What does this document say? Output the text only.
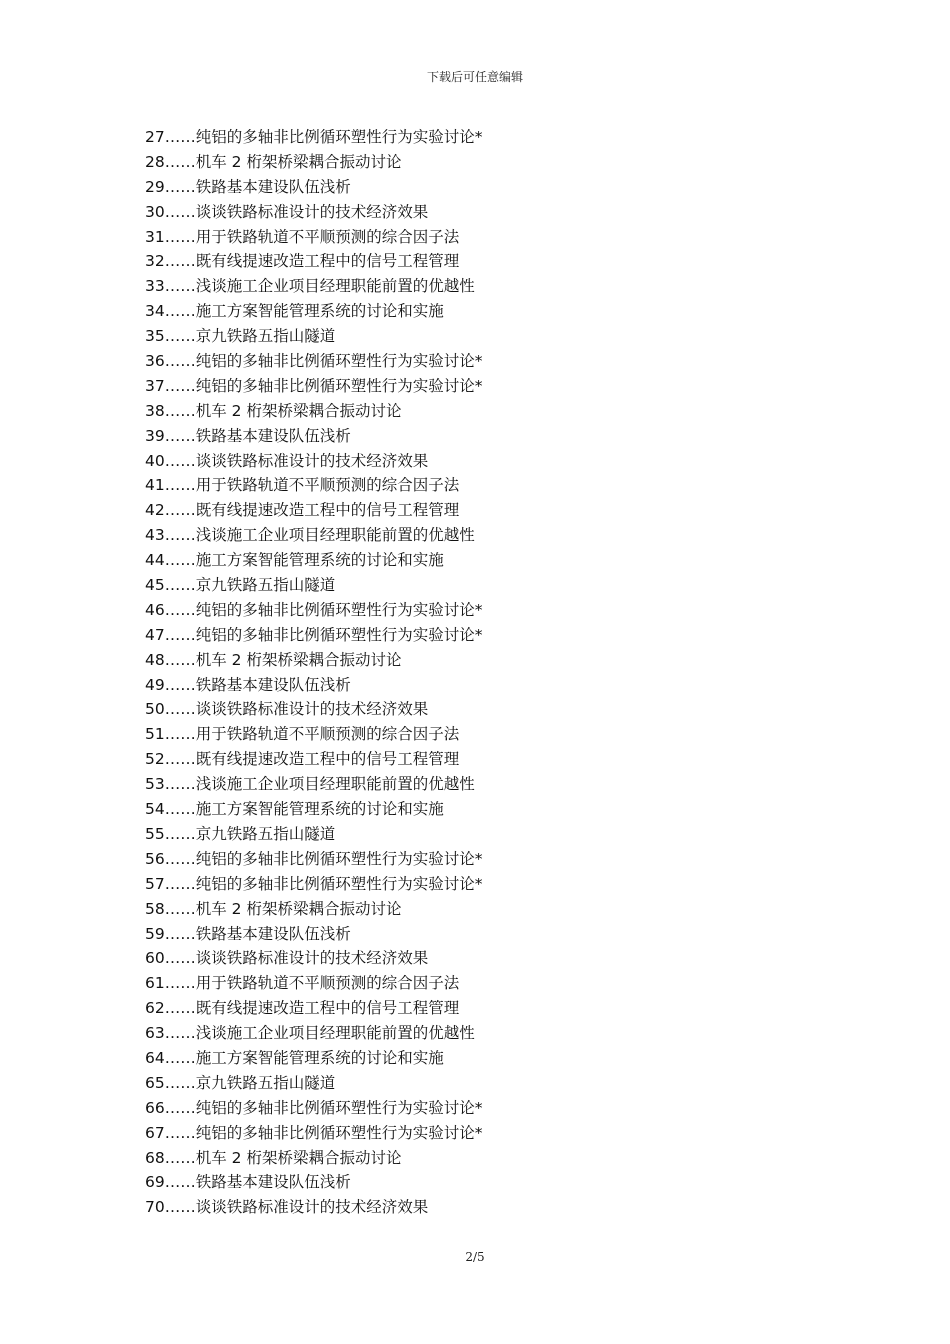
下载后可任意编辑
27……纯铝的多轴非比例循环塑性行为实验讨论*
28……机车 2 桁架桥梁耦合振动讨论
29……铁路基本建设队伍浅析
30……谈谈铁路标准设计的技术经济效果
31……用于铁路轨道不平顺预测的综合因子法
32……既有线提速改造工程中的信号工程管理
33……浅谈施工企业项目经理职能前置的优越性
34……施工方案智能管理系统的讨论和实施
35……京九铁路五指山隧道
36……纯铝的多轴非比例循环塑性行为实验讨论*
37……纯铝的多轴非比例循环塑性行为实验讨论*
38……机车 2 桁架桥梁耦合振动讨论
39……铁路基本建设队伍浅析
40……谈谈铁路标准设计的技术经济效果
41……用于铁路轨道不平顺预测的综合因子法
42……既有线提速改造工程中的信号工程管理
43……浅谈施工企业项目经理职能前置的优越性
44……施工方案智能管理系统的讨论和实施
45……京九铁路五指山隧道
46……纯铝的多轴非比例循环塑性行为实验讨论*
47……纯铝的多轴非比例循环塑性行为实验讨论*
48……机车 2 桁架桥梁耦合振动讨论
49……铁路基本建设队伍浅析
50……谈谈铁路标准设计的技术经济效果
51……用于铁路轨道不平顺预测的综合因子法
52……既有线提速改造工程中的信号工程管理
53……浅谈施工企业项目经理职能前置的优越性
54……施工方案智能管理系统的讨论和实施
55……京九铁路五指山隧道
56……纯铝的多轴非比例循环塑性行为实验讨论*
57……纯铝的多轴非比例循环塑性行为实验讨论*
58……机车 2 桁架桥梁耦合振动讨论
59……铁路基本建设队伍浅析
60……谈谈铁路标准设计的技术经济效果
61……用于铁路轨道不平顺预测的综合因子法
62……既有线提速改造工程中的信号工程管理
63……浅谈施工企业项目经理职能前置的优越性
64……施工方案智能管理系统的讨论和实施
65……京九铁路五指山隧道
66……纯铝的多轴非比例循环塑性行为实验讨论*
67……纯铝的多轴非比例循环塑性行为实验讨论*
68……机车 2 桁架桥梁耦合振动讨论
69……铁路基本建设队伍浅析
70……谈谈铁路标准设计的技术经济效果
2/5
